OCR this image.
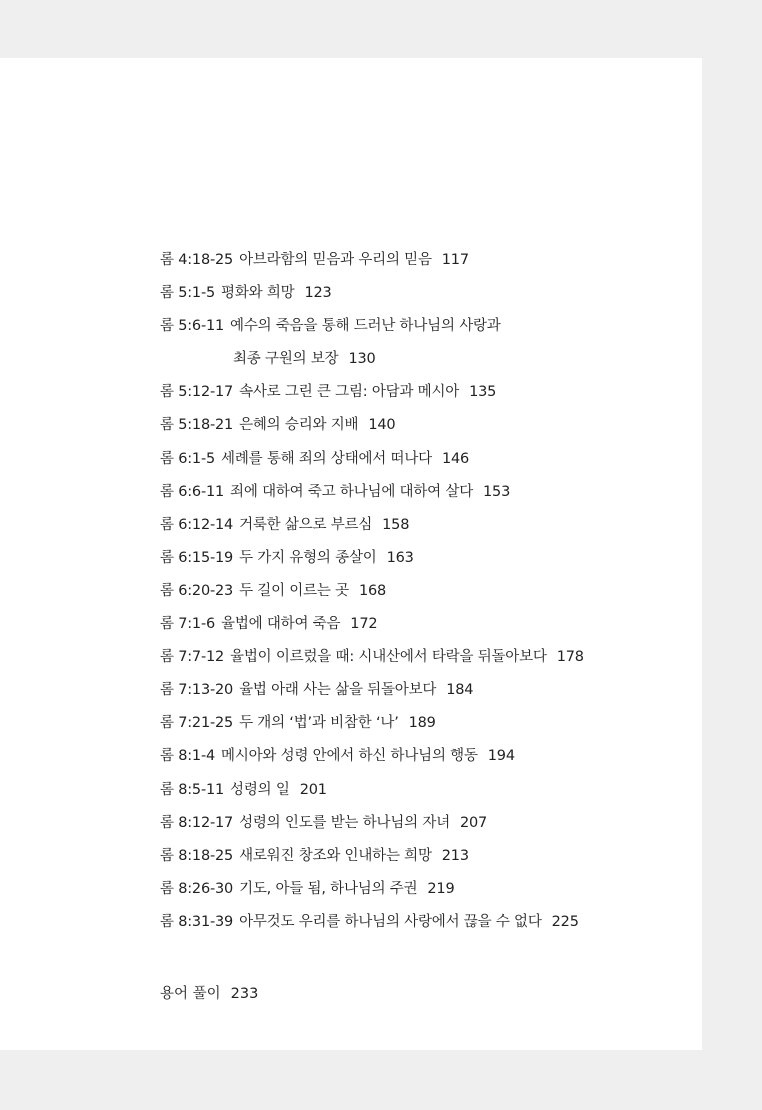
롬 4:18-25 아브라함의 믿음과 우리의 믿음 117
롬 5:1-5 평화와 희망 123
롬 5:6-11 예수의 죽음을 통해 드러난 하나님의 사랑과
최종 구원의 보장 130
롬 5:12-17 속사로 그린 큰 그림: 아담과 메시아 135
롬 5:18-21 은혜의 승리와 지배 140
롬 6:1-5 세례를 통해 죄의 상태에서 떠나다 146
롬 6:6-11 죄에 대하여 죽고 하나님에 대하여 살다 153
롬 6:12-14 거룩한 삶으로 부르심 158
롬 6:15-19 두 가지 유형의 종살이 163
롬 6:20-23 두 길이 이르는 곳 168
롬 7:1-6 율법에 대하여 죽음 172
롬 7:7-12 율법이 이르렀을 때: 시내산에서 타락을 뒤돌아보다 178
롬 7:13-20 율법 아래 사는 삶을 뒤돌아보다 184
롬 7:21-25 두 개의 ‘법’과 비참한 ‘나’ 189
롬 8:1-4 메시아와 성령 안에서 하신 하나님의 행동 194
롬 8:5-11 성령의 일 201
롬 8:12-17 성령의 인도를 받는 하나님의 자녀 207
롬 8:18-25 새로워진 창조와 인내하는 희망 213
롬 8:26-30 기도, 아들 됨, 하나님의 주권 219
롬 8:31-39 아무것도 우리를 하나님의 사랑에서 끊을 수 없다 225
용어 풀이 233
